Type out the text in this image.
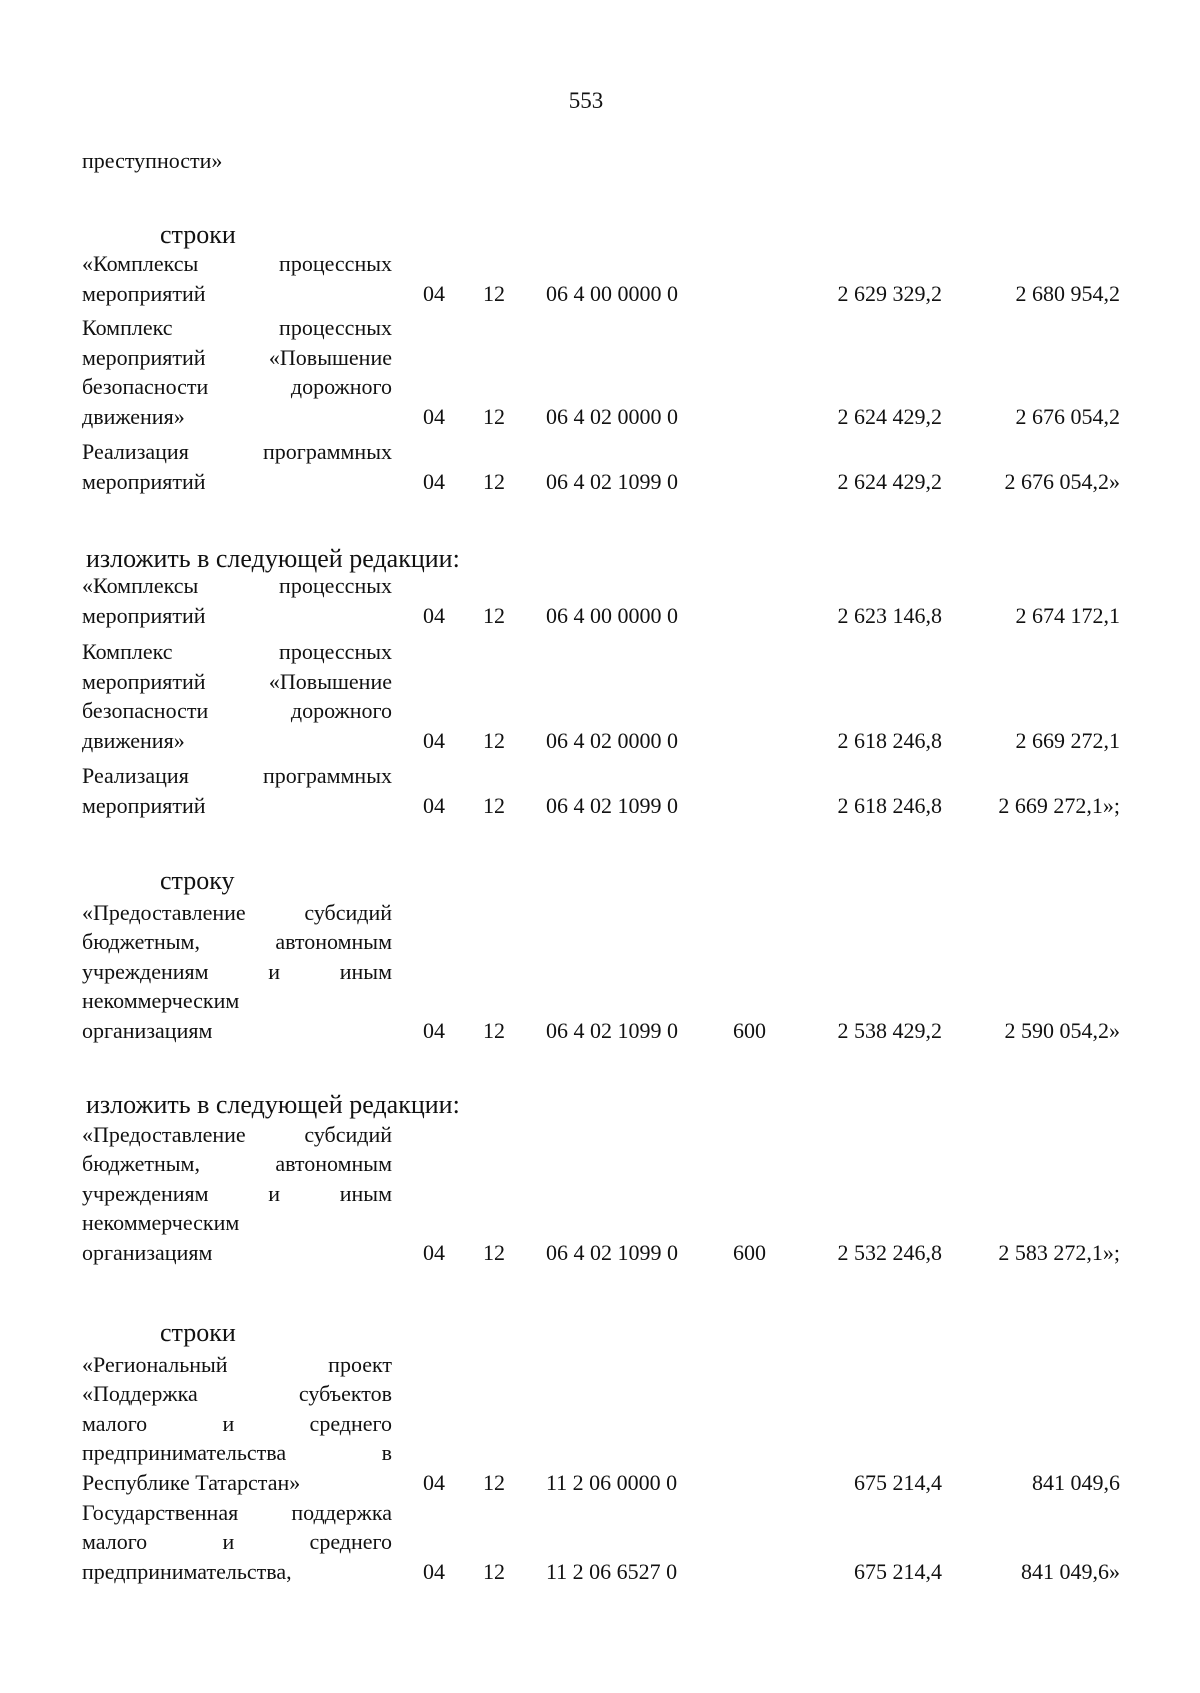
553
преступности»
строки
«Комплексы процессных
мероприятий	04 12 06 4 00 0000 0	2 629 329,2	2 680 954,2
Комплекс процессных
мероприятий «Повышение
безопасности дорожного
движения»	04 12 06 4 02 0000 0	2 624 429,2	2 676 054,2
Реализация программных
мероприятий	04 12 06 4 02 1099 0	2 624 429,2	2 676 054,2»
изложить в следующей редакции:
«Комплексы процессных
мероприятий	04 12 06 4 00 0000 0	2 623 146,8	2 674 172,1
Комплекс процессных
мероприятий «Повышение
безопасности дорожного
движения»	04 12 06 4 02 0000 0	2 618 246,8	2 669 272,1
Реализация программных
мероприятий	04 12 06 4 02 1099 0	2 618 246,8	2 669 272,1»;
строку
«Предоставление субсидий
бюджетным, автономным
учреждениям и иным
некоммерческим
организациям	04 12 06 4 02 1099 0	600	2 538 429,2	2 590 054,2»
изложить в следующей редакции:
«Предоставление субсидий
бюджетным, автономным
учреждениям и иным
некоммерческим
организациям	04 12 06 4 02 1099 0	600	2 532 246,8	2 583 272,1»;
строки
«Региональный проект
«Поддержка субъектов
малого и среднего
предпринимательства в
Республике Татарстан»	04 12 11 2 06 0000 0	675 214,4	841 049,6
Государственная поддержка
малого и среднего
предпринимательства,	04 12 11 2 06 6527 0	675 214,4	841 049,6»
